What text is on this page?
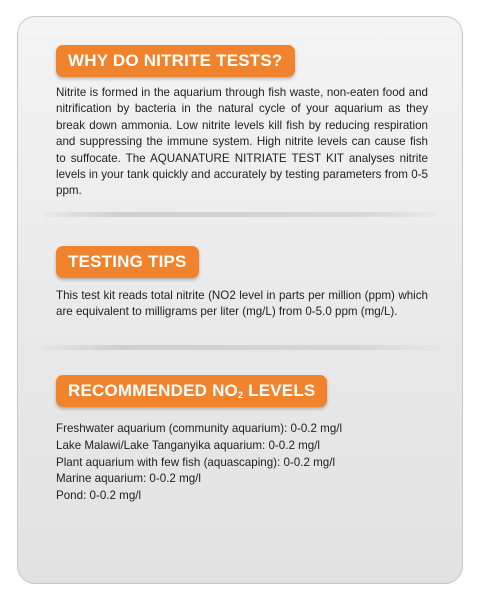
WHY DO NITRITE TESTS?

Nitrite is formed in the aquarium through fish waste, non-eaten food and nitrification by bacteria in the natural cycle of your aquarium as they break down ammonia. Low nitrite levels kill fish by reducing respiration and suppressing the immune system. High nitrite levels can cause fish to suffocate. The AQUANATURE NITRIATE TEST KIT analyses nitrite levels in your tank quickly and accurately by testing parameters from 0-5 ppm.

TESTING TIPS

This test kit reads total nitrite (NO2 level in parts per million (ppm) which are equivalent to milligrams per liter (mg/L) from 0-5.0 ppm (mg/L).

RECOMMENDED $NO_2$ LEVELS
Freshwater aquarium (community aquarium): 0-0.2 mg/l
Lake Malawi/Lake Tanganyika aquarium: 0-0.2 mg/l
Plant aquarium with few fish (aquascaping): 0-0.2 mg/l
Marine aquarium: 0-0.2 mg/l
Pond: 0-0.2 mg/l
